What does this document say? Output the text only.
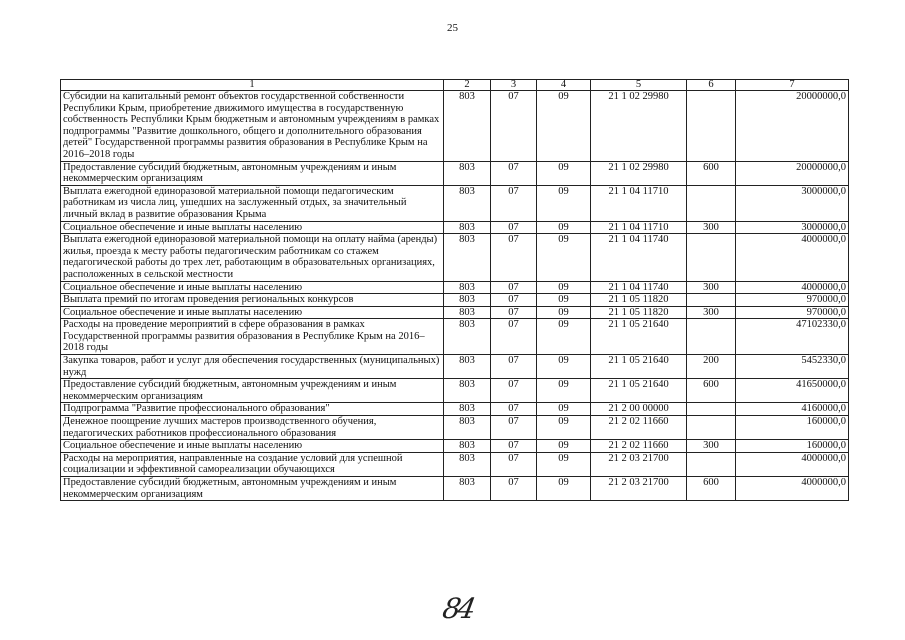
25
1	2	3	4	5	6	7
Субсидии на капитальный ремонт объектов государственной собственности Республики Крым, приобретение движимого имущества в государственную собственность Республики Крым бюджетным и автономным учреждениям в рамках подпрограммы "Развитие дошкольного, общего и дополнительного образования детей" Государственной программы развития образования в Республике Крым на 2016–2018 годы	803	07	09	21 1 02 29980		20000000,0
Предоставление субсидий бюджетным, автономным учреждениям и иным некоммерческим организациям	803	07	09	21 1 02 29980	600	20000000,0
Выплата ежегодной единоразовой материальной помощи педагогическим работникам из числа лиц, ушедших на заслуженный отдых, за значительный личный вклад в развитие образования Крыма	803	07	09	21 1 04 11710		3000000,0
Социальное обеспечение и иные выплаты населению	803	07	09	21 1 04 11710	300	3000000,0
Выплата ежегодной единоразовой материальной помощи на оплату найма (аренды) жилья, проезда к месту работы педагогическим работникам со стажем педагогической работы до трех лет, работающим в образовательных организациях, расположенных в сельской местности	803	07	09	21 1 04 11740		4000000,0
Социальное обеспечение и иные выплаты населению	803	07	09	21 1 04 11740	300	4000000,0
Выплата премий по итогам проведения региональных конкурсов	803	07	09	21 1 05 11820		970000,0
Социальное обеспечение и иные выплаты населению	803	07	09	21 1 05 11820	300	970000,0
Расходы на проведение мероприятий в сфере образования в рамках Государственной программы развития образования в Республике Крым на 2016–2018 годы	803	07	09	21 1 05 21640		47102330,0
Закупка товаров, работ и услуг для обеспечения государственных (муниципальных) нужд	803	07	09	21 1 05 21640	200	5452330,0
Предоставление субсидий бюджетным, автономным учреждениям и иным некоммерческим организациям	803	07	09	21 1 05 21640	600	41650000,0
Подпрограмма "Развитие профессионального образования"	803	07	09	21 2 00 00000		4160000,0
Денежное поощрение лучших мастеров производственного обучения, педагогических работников профессионального образования	803	07	09	21 2 02 11660		160000,0
Социальное обеспечение и иные выплаты населению	803	07	09	21 2 02 11660	300	160000,0
Расходы на мероприятия, направленные на создание условий для успешной социализации и эффективной самореализации обучающихся	803	07	09	21 2 03 21700		4000000,0
Предоставление субсидий бюджетным, автономным учреждениям и иным некоммерческим организациям	803	07	09	21 2 03 21700	600	4000000,0
84
